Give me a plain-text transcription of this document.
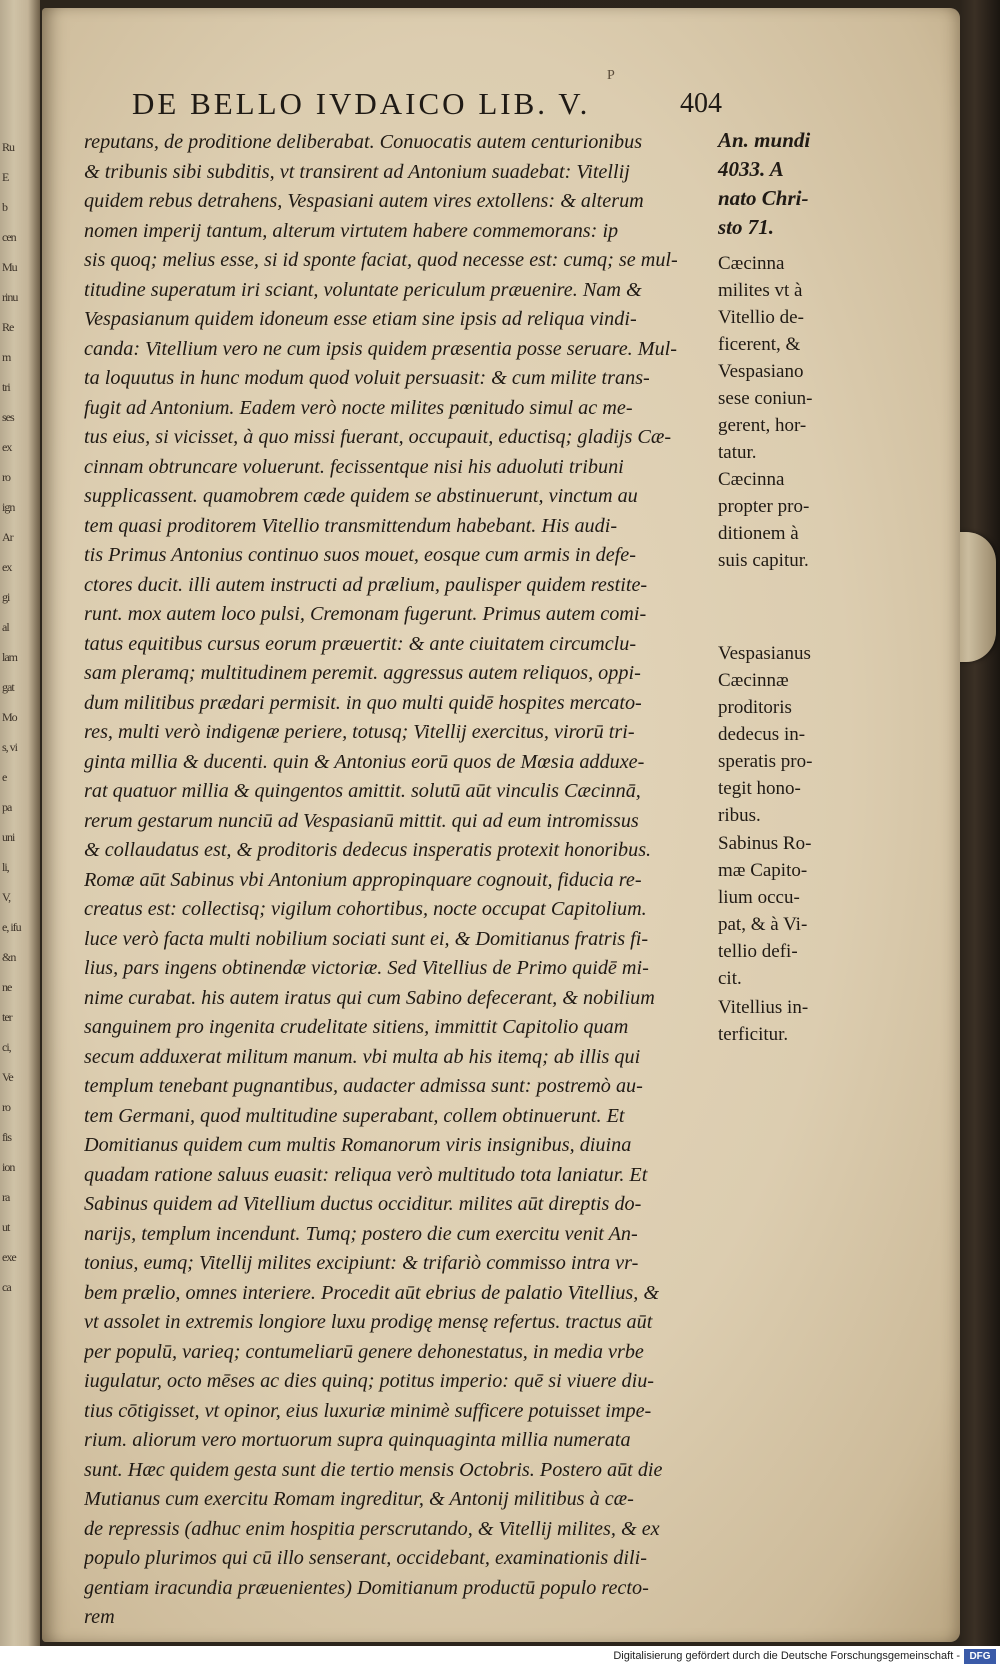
Ru
E
b
cen
Mu
rinu
Re
m
tri
ses
ex
ro
ign
Ar
ex
gi
al
lam
gat
Mo
s, vi
e
pa
uni
li,
V,
e, ifu
&n
ne
ter
ci,
Ve
ro
fis
ion
ra
ut
exe
ca
DE BELLO IVDAICO LIB. V.	404
P
reputans, de proditione deliberabat. Conuocatis autem centurionibus
& tribunis sibi subditis, vt transirent ad Antonium suadebat: Vitellij
quidem rebus detrahens, Vespasiani autem vires extollens: & alterum
nomen imperij tantum, alterum virtutem habere commemorans: ip
sis quoq; melius esse, si id sponte faciat, quod necesse est: cumq; se mul-
titudine superatum iri sciant, voluntate periculum præuenire. Nam &
Vespasianum quidem idoneum esse etiam sine ipsis ad reliqua vindi-
canda: Vitellium vero ne cum ipsis quidem præsentia posse seruare. Mul-
ta loquutus in hunc modum quod voluit persuasit: & cum milite trans-
fugit ad Antonium. Eadem verò nocte milites pœnitudo simul ac me-
tus eius, si vicisset, à quo missi fuerant, occupauit, eductisq; gladijs Cæ-
cinnam obtruncare voluerunt. fecissentque nisi his aduoluti tribuni
supplicassent. quamobrem cæde quidem se abstinuerunt, vinctum au
tem quasi proditorem Vitellio transmittendum habebant. His audi-
tis Primus Antonius continuo suos mouet, eosque cum armis in defe-
ctores ducit. illi autem instructi ad prælium, paulisper quidem restite-
runt. mox autem loco pulsi, Cremonam fugerunt. Primus autem comi-
tatus equitibus cursus eorum præuertit: & ante ciuitatem circumclu-
sam pleramq; multitudinem peremit. aggressus autem reliquos, oppi-
dum militibus prædari permisit. in quo multi quidē hospites mercato-
res, multi verò indigenæ periere, totusq; Vitellij exercitus, virorū tri-
ginta millia & ducenti. quin & Antonius eorū quos de Mœsia adduxe-
rat quatuor millia & quingentos amittit. solutū aūt vinculis Cæcinnā,
rerum gestarum nunciū ad Vespasianū mittit. qui ad eum intromissus
& collaudatus est, & proditoris dedecus insperatis protexit honoribus.
Romæ aūt Sabinus vbi Antonium appropinquare cognouit, fiducia re-
creatus est: collectisq; vigilum cohortibus, nocte occupat Capitolium.
luce verò facta multi nobilium sociati sunt ei, & Domitianus fratris fi-
lius, pars ingens obtinendæ victoriæ. Sed Vitellius de Primo quidē mi-
nime curabat. his autem iratus qui cum Sabino defecerant, & nobilium
sanguinem pro ingenita crudelitate sitiens, immittit Capitolio quam
secum adduxerat militum manum. vbi multa ab his itemq; ab illis qui
templum tenebant pugnantibus, audacter admissa sunt: postremò au-
tem Germani, quod multitudine superabant, collem obtinuerunt. Et
Domitianus quidem cum multis Romanorum viris insignibus, diuina
quadam ratione saluus euasit: reliqua verò multitudo tota laniatur. Et
Sabinus quidem ad Vitellium ductus occiditur. milites aūt direptis do-
narijs, templum incendunt. Tumq; postero die cum exercitu venit An-
tonius, eumq; Vitellij milites excipiunt: & trifariò commisso intra vr-
bem prælio, omnes interiere. Procedit aūt ebrius de palatio Vitellius, &
vt assolet in extremis longiore luxu prodigę mensę refertus. tractus aūt
per populū, varieq; contumeliarū genere dehonestatus, in media vrbe
iugulatur, octo mēses ac dies quinq; potitus imperio: quē si viuere diu-
tius cōtigisset, vt opinor, eius luxuriæ minimè sufficere potuisset impe-
rium. aliorum vero mortuorum supra quinquaginta millia numerata
sunt. Hæc quidem gesta sunt die tertio mensis Octobris. Postero aūt die
Mutianus cum exercitu Romam ingreditur, & Antonij militibus à cæ-
de repressis (adhuc enim hospitia perscrutando, & Vitellij milites, & ex
populo plurimos qui cū illo senserant, occidebant, examinationis dili-
gentiam iracundia præuenientes) Domitianum productū populo recto-
rem
An. mundi
4033. A
nato Chri-
sto 71.
Cæcinna
milites vt à
Vitellio de-
ficerent, &
Vespasiano
sese coniun-
gerent, hor-
tatur.
Cæcinna
propter pro-
ditionem à
suis capitur.
Vespasianus
Cæcinnæ
proditoris
dedecus in-
speratis pro-
tegit hono-
ribus.
Sabinus Ro-
mæ Capito-
lium occu-
pat, & à Vi-
tellio defi-
cit.
Vitellius in-
terficitur.
Digitalisierung gefördert durch die Deutsche Forschungsgemeinschaft - DFG
